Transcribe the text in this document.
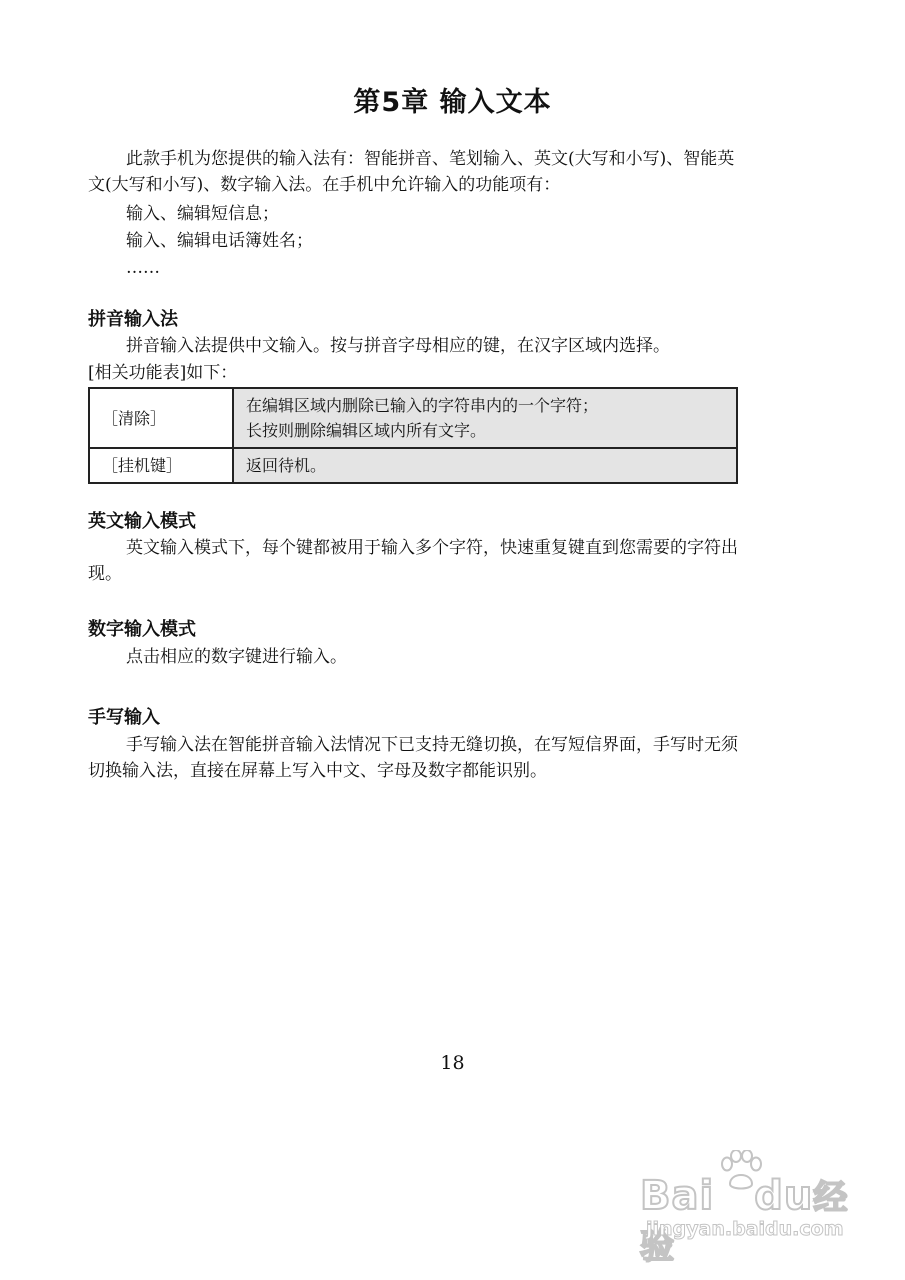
第5章 输入文本
此款手机为您提供的输入法有：智能拼音、笔划输入、英文(大写和小写)、智能英文(大写和小写)、数字输入法。在手机中允许输入的功能项有：
输入、编辑短信息；
输入、编辑电话簿姓名；
……
拼音输入法
拼音输入法提供中文输入。按与拼音字母相应的键，在汉字区域内选择。
[相关功能表]如下：
［清除］	在编辑区域内删除已输入的字符串内的一个字符；
长按则删除编辑区域内所有文字。

［挂机键］	返回待机。
英文输入模式
英文输入模式下，每个键都被用于输入多个字符，快速重复键直到您需要的字符出现。
数字输入模式
点击相应的数字键进行输入。
手写输入
手写输入法在智能拼音输入法情况下已支持无缝切换，在写短信界面，手写时无须切换输入法，直接在屏幕上写入中文、字母及数字都能识别。
18
Bai du经验
jingyan.baidu.com
